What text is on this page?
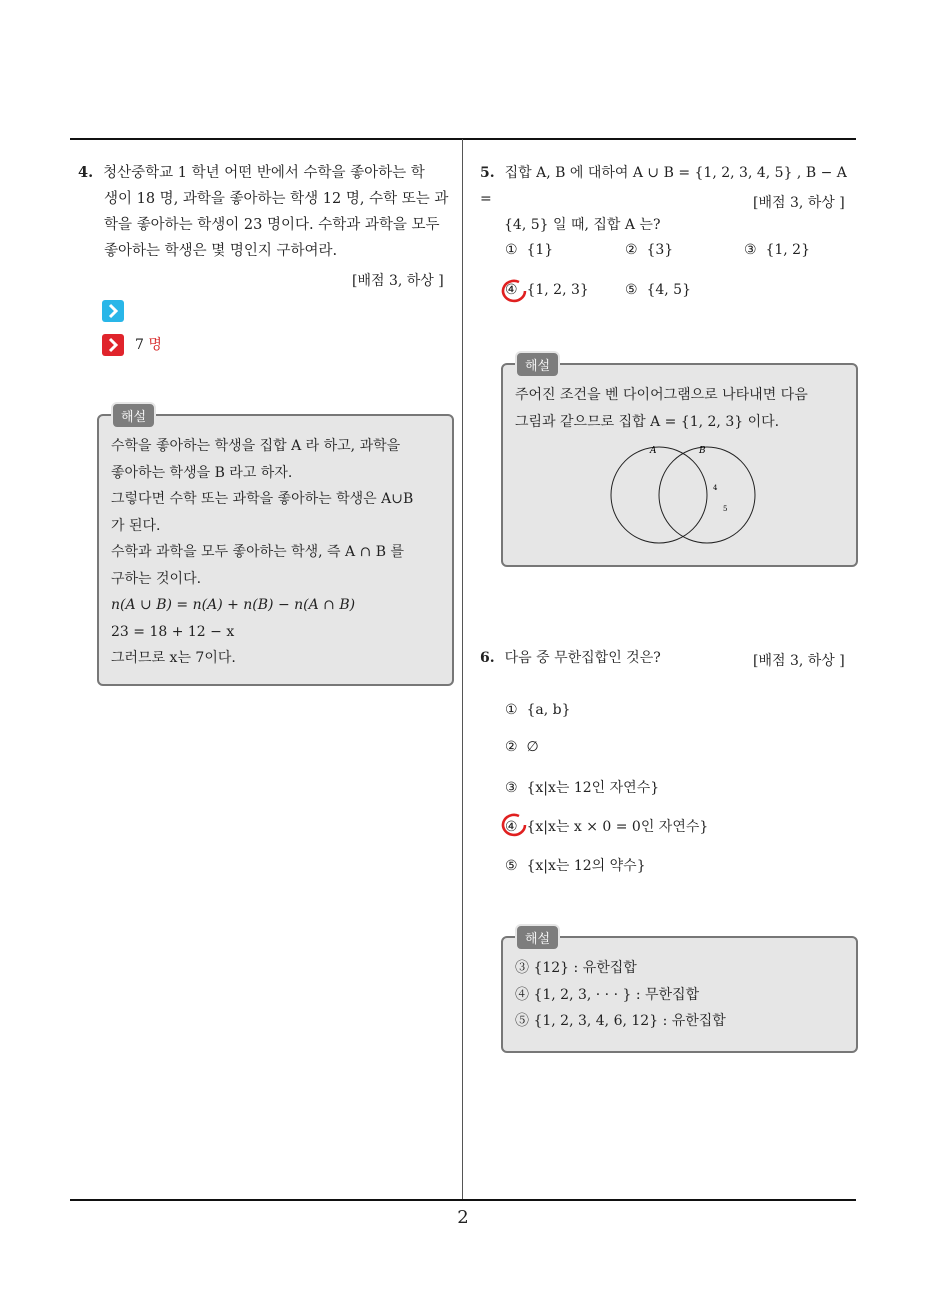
4. 청산중학교 1 학년 어떤 반에서 수학을 좋아하는 학
생이 18 명, 과학을 좋아하는 학생 12 명, 수학 또는 과
학을 좋아하는 학생이 23 명이다. 수학과 과학을 모두
좋아하는 학생은 몇 명인지 구하여라.
[배점 3, 하상 ]
7 명
해설
수학을 좋아하는 학생을 집합 A 라 하고, 과학을
좋아하는 학생을 B 라고 하자.
그렇다면 수학 또는 과학을 좋아하는 학생은 A∪B
가 된다.
수학과 과학을 모두 좋아하는 학생, 즉 A ∩ B 를
구하는 것이다.
n(A ∪ B) = n(A) + n(B) − n(A ∩ B)
23 = 18 + 12 − x
그러므로 x는 7이다.
5. 집합 A, B 에 대하여 A ∪ B = {1, 2, 3, 4, 5} , B − A =
{4, 5} 일 때, 집합 A 는?
[배점 3, 하상 ]
① {1}	② {3}	③ {1, 2}
④ {1, 2, 3}	⑤ {4, 5}
해설
주어진 조건을 벤 다이어그램으로 나타내면 다음
그림과 같으므로 집합 A = {1, 2, 3} 이다.
A	B
4
5
6. 다음 중 무한집합인 것은?	[배점 3, 하상 ]
① {a, b}
② ∅
③ {x|x는 12인 자연수}
④ {x|x는 x × 0 = 0인 자연수}
⑤ {x|x는 12의 약수}
해설
③ {12} : 유한집합
④ {1, 2, 3, · · · } : 무한집합
⑤ {1, 2, 3, 4, 6, 12} : 유한집합
2
